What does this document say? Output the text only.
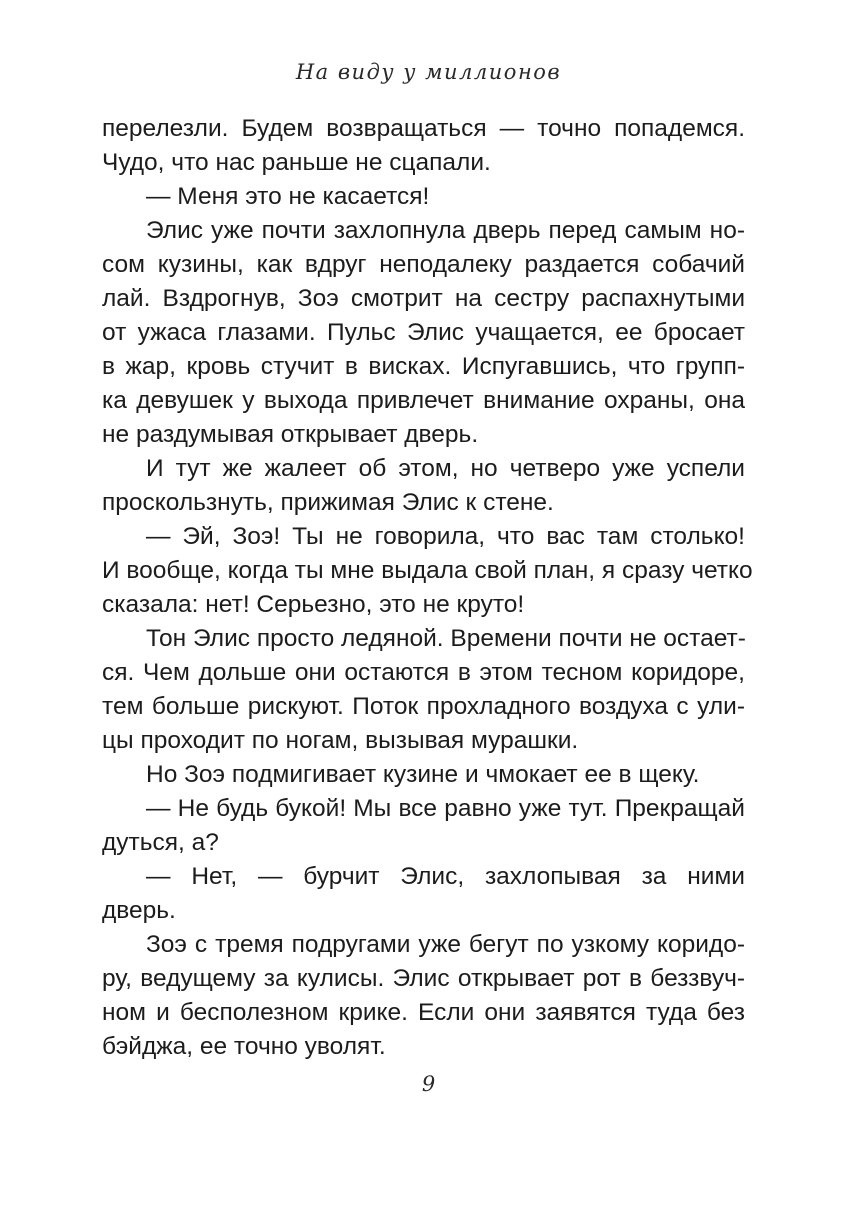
На виду у миллионов
перелезли. Будем возвращаться — точно попадемся.
Чудо, что нас раньше не сцапали.
— Меня это не касается!
Элис уже почти захлопнула дверь перед самым но-
сом кузины, как вдруг неподалеку раздается собачий
лай. Вздрогнув, Зоэ смотрит на сестру распахнутыми
от ужаса глазами. Пульс Элис учащается, ее бросает
в жар, кровь стучит в висках. Испугавшись, что групп-
ка девушек у выхода привлечет внимание охраны, она
не раздумывая открывает дверь.
И тут же жалеет об этом, но четверо уже успели
проскользнуть, прижимая Элис к стене.
— Эй, Зоэ! Ты не говорила, что вас там столько!
И вообще, когда ты мне выдала свой план, я сразу четко
сказала: нет! Серьезно, это не круто!
Тон Элис просто ледяной. Времени почти не остает-
ся. Чем дольше они остаются в этом тесном коридоре,
тем больше рискуют. Поток прохладного воздуха с ули-
цы проходит по ногам, вызывая мурашки.
Но Зоэ подмигивает кузине и чмокает ее в щеку.
— Не будь букой! Мы все равно уже тут. Прекращай
дуться, а?
— Нет, — бурчит Элис, захлопывая за ними
дверь.
Зоэ с тремя подругами уже бегут по узкому коридо-
ру, ведущему за кулисы. Элис открывает рот в беззвуч-
ном и бесполезном крике. Если они заявятся туда без
бэйджа, ее точно уволят.
9
